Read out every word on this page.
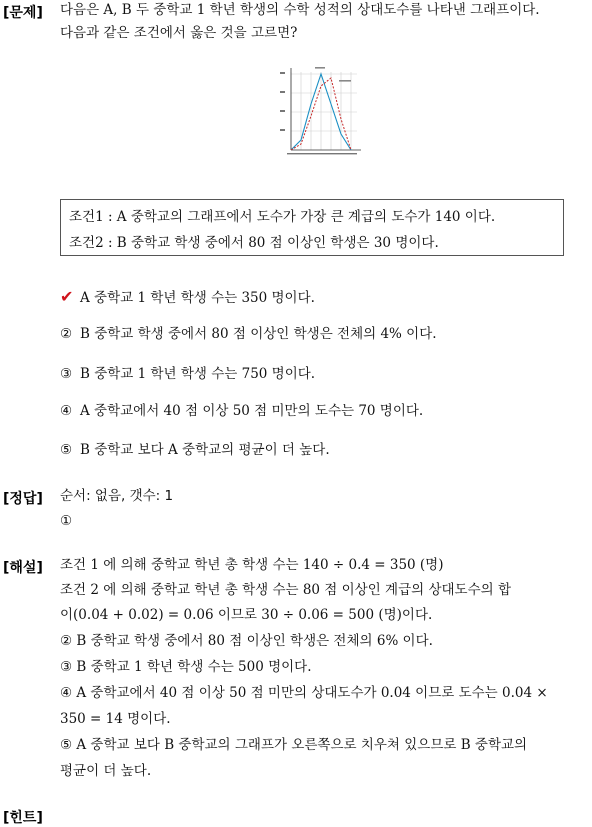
[문제] 다음은 A, B 두 중학교 1 학년 학생의 수학 성적의 상대도수를 나타낸 그래프이다.
다음과 같은 조건에서 옳은 것을 고르면?
조건1 : A 중학교의 그래프에서 도수가 가장 큰 계급의 도수가 140 이다.
조건2 : B 중학교 학생 중에서 80 점 이상인 학생은 30 명이다.
✔ A 중학교 1 학년 학생 수는 350 명이다.
② B 중학교 학생 중에서 80 점 이상인 학생은 전체의 4% 이다.
③ B 중학교 1 학년 학생 수는 750 명이다.
④ A 중학교에서 40 점 이상 50 점 미만의 도수는 70 명이다.
⑤ B 중학교 보다 A 중학교의 평균이 더 높다.
[정답] 순서: 없음, 갯수: 1
①
[해설] 조건 1 에 의해 중학교 학년 총 학생 수는 140 ÷ 0.4 = 350 (명)
조건 2 에 의해 중학교 학년 총 학생 수는 80 점 이상인 계급의 상대도수의 합
이(0.04 + 0.02) = 0.06 이므로 30 ÷ 0.06 = 500 (명)이다.
② B 중학교 학생 중에서 80 점 이상인 학생은 전체의 6% 이다.
③ B 중학교 1 학년 학생 수는 500 명이다.
④ A 중학교에서 40 점 이상 50 점 미만의 상대도수가 0.04 이므로 도수는 0.04 ×
350 = 14 명이다.
⑤ A 중학교 보다 B 중학교의 그래프가 오른쪽으로 치우쳐 있으므로 B 중학교의
평균이 더 높다.
[힌트]
